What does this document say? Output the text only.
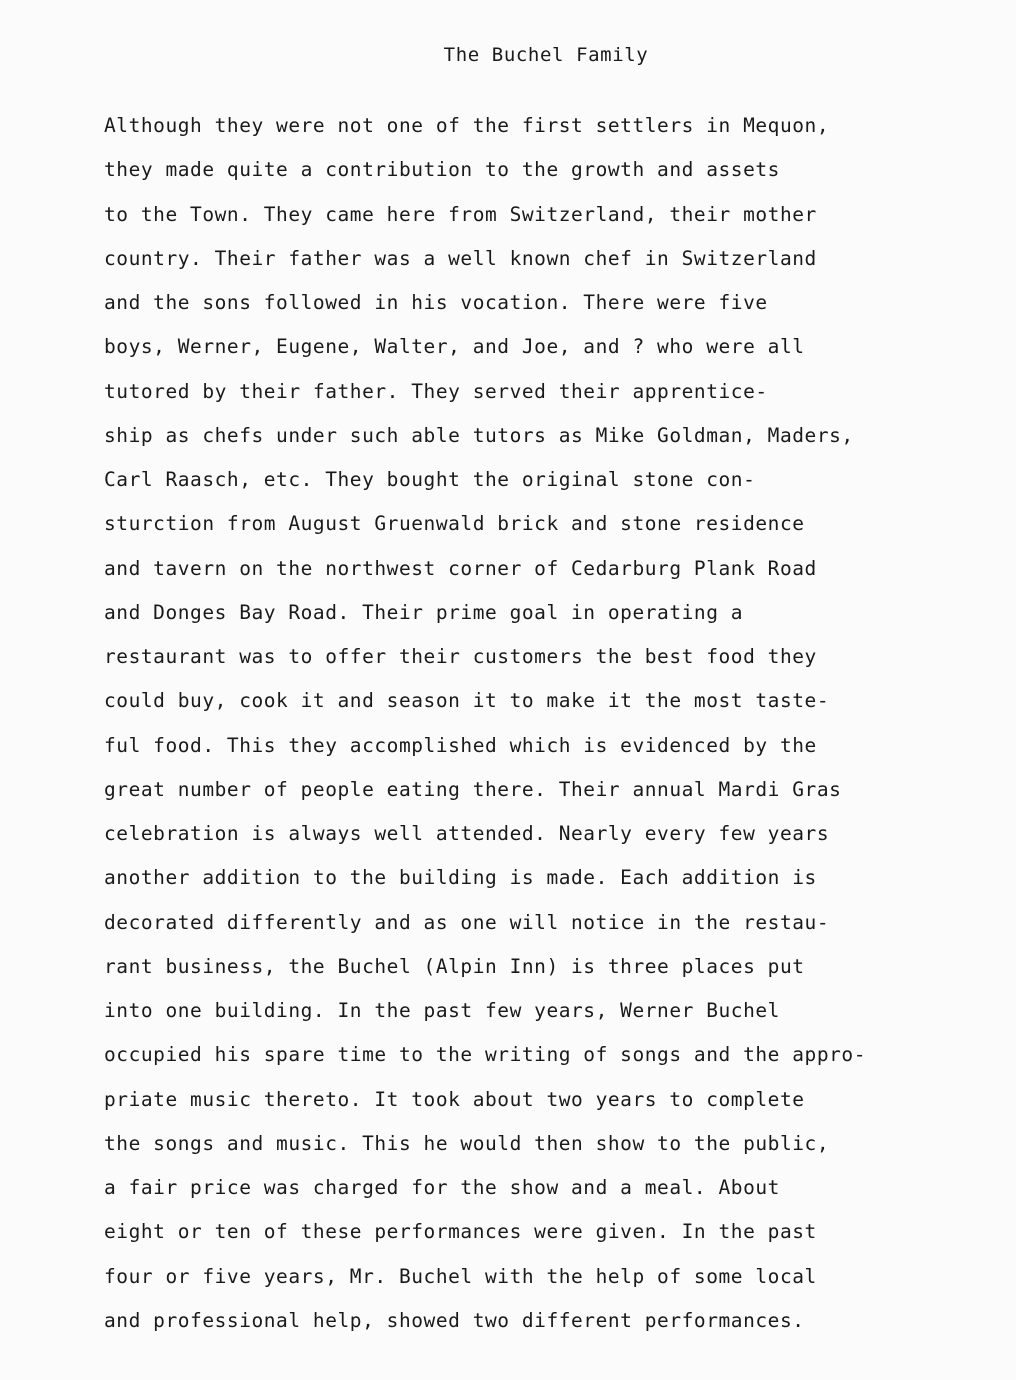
The Buchel Family
Although they were not one of the first settlers in Mequon,
they made quite a contribution to the growth and assets
to the Town. They came here from Switzerland, their mother
country. Their father was a well known chef in Switzerland
and the sons followed in his vocation. There were five
boys, Werner, Eugene, Walter, and Joe, and ? who were all
tutored by their father. They served their apprentice-
ship as chefs under such able tutors as Mike Goldman, Maders,
Carl Raasch, etc. They bought the original stone con-
sturction from August Gruenwald brick and stone residence
and tavern on the northwest corner of Cedarburg Plank Road
and Donges Bay Road. Their prime goal in operating a
restaurant was to offer their customers the best food they
could buy, cook it and season it to make it the most taste-
ful food. This they accomplished which is evidenced by the
great number of people eating there. Their annual Mardi Gras
celebration is always well attended. Nearly every few years
another addition to the building is made. Each addition is
decorated differently and as one will notice in the restau-
rant business, the Buchel (Alpin Inn) is three places put
into one building. In the past few years, Werner Buchel
occupied his spare time to the writing of songs and the appro-
priate music thereto. It took about two years to complete
the songs and music. This he would then show to the public,
a fair price was charged for the show and a meal. About
eight or ten of these performances were given. In the past
four or five years, Mr. Buchel with the help of some local
and professional help, showed two different performances.
